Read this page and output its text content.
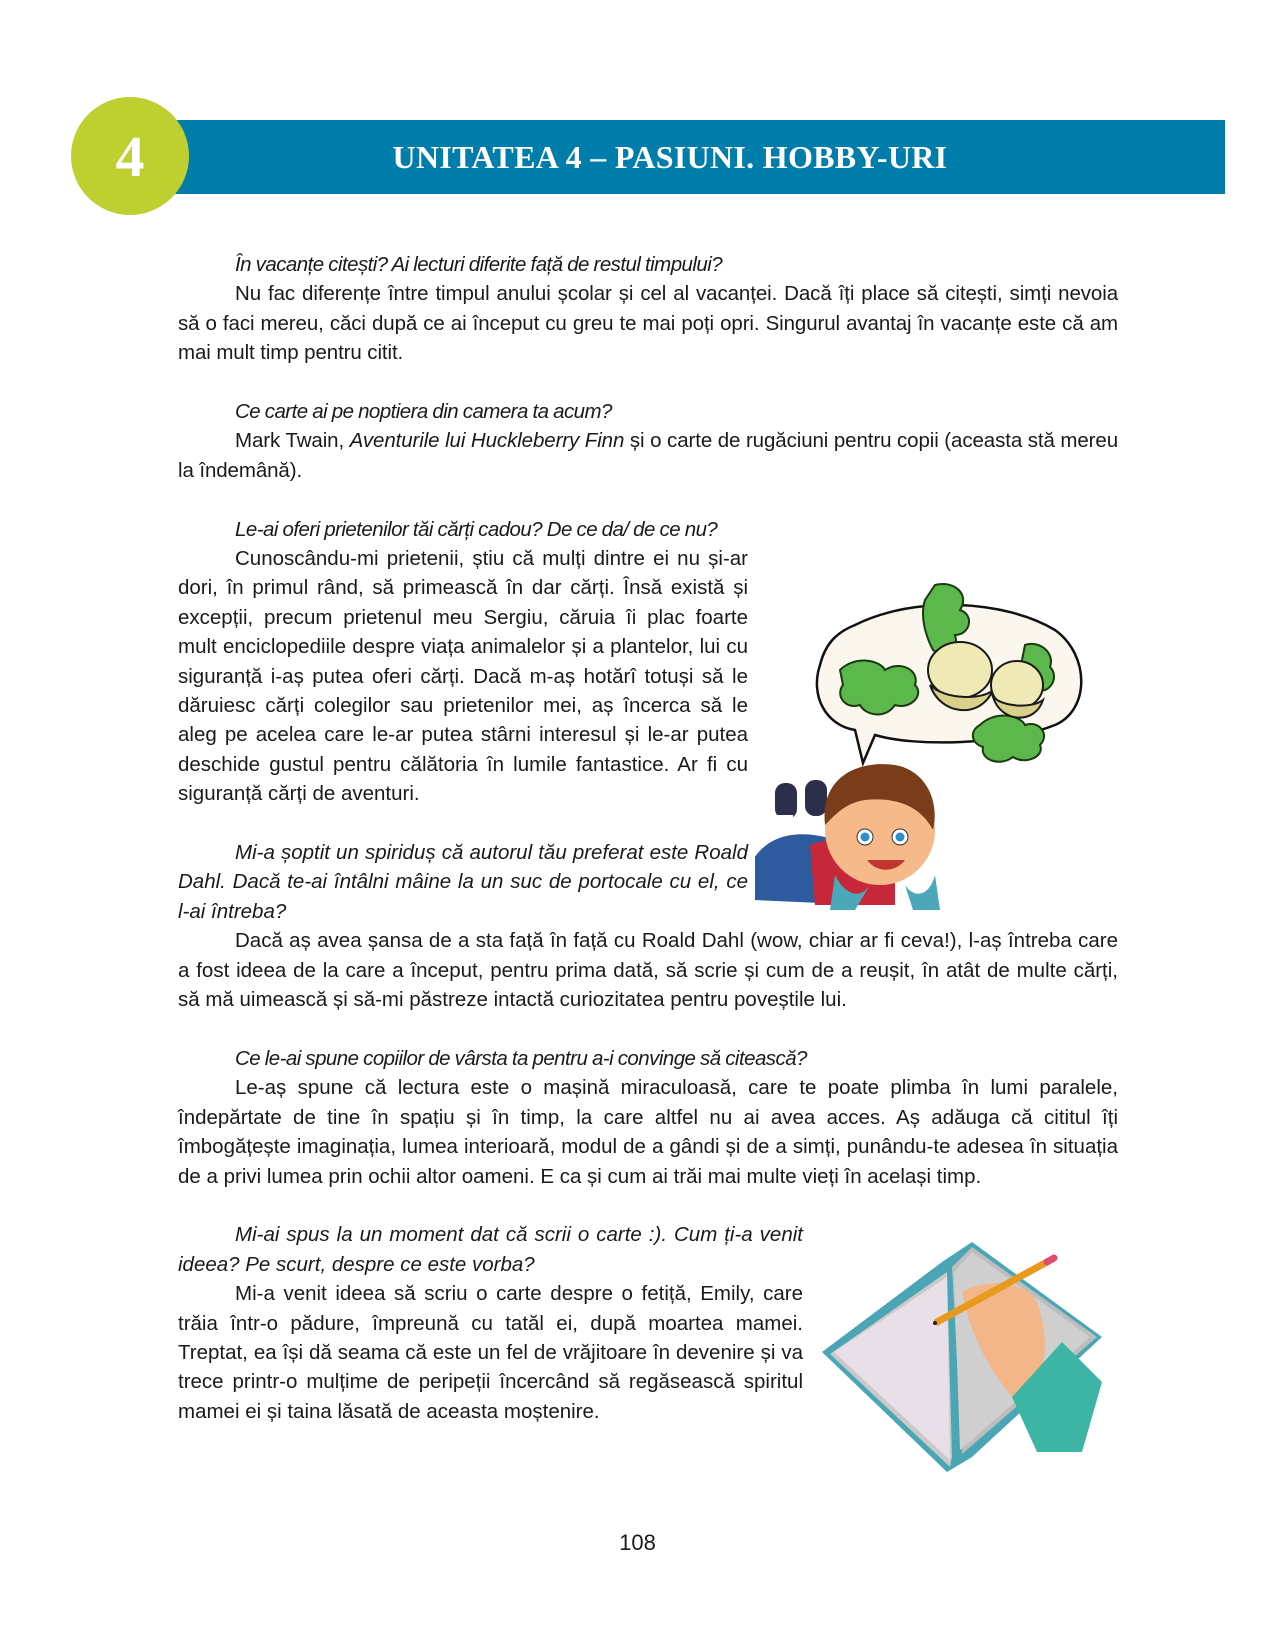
UNITATEA 4 – PASIUNI. HOBBY-URI
4

În vacanțe citești? Ai lecturi diferite față de restul timpului?

Nu fac diferențe între timpul anului școlar și cel al vacanței. Dacă îți place să citești, simți nevoia să o faci mereu, căci după ce ai început cu greu te mai poți opri. Singurul avantaj în vacanțe este că am mai mult timp pentru citit.

Ce carte ai pe noptiera din camera ta acum?

Mark Twain, Aventurile lui Huckleberry Finn și o carte de rugăciuni pentru copii (aceasta stă mereu la îndemână).

Le-ai oferi prietenilor tăi cărți cadou? De ce da/ de ce nu?

Cunoscându-mi prietenii, știu că mulți dintre ei nu și-ar dori, în primul rând, să primească în dar cărți. Însă există și excepții, precum prietenul meu Sergiu, căruia îi plac foarte mult enciclopediile despre viața animalelor și a plantelor, lui cu siguranță i-aș putea oferi cărți. Dacă m-aș hotărî totuși să le dăruiesc cărți colegilor sau prietenilor mei, aș încerca să le aleg pe acelea care le-ar putea stârni interesul și le-ar putea deschide gustul pentru călătoria în lumile fantastice. Ar fi cu siguranță cărți de aventuri.

Mi-a șoptit un spiriduș că autorul tău preferat este Roald Dahl. Dacă te-ai întâlni mâine la un suc de portocale cu el, ce l-ai întreba?

Dacă aș avea șansa de a sta față în față cu Roald Dahl (wow, chiar ar fi ceva!), l-aș întreba care a fost ideea de la care a început, pentru prima dată, să scrie și cum de a reușit, în atât de multe cărți, să mă uimească și să-mi păstreze intactă curiozitatea pentru poveștile lui.

Ce le-ai spune copiilor de vârsta ta pentru a-i convinge să citească?

Le-aș spune că lectura este o mașină miraculoasă, care te poate plimba în lumi paralele, îndepărtate de tine în spațiu și în timp, la care altfel nu ai avea acces. Aș adăuga că cititul îți îmbogățește imaginația, lumea interioară, modul de a gândi și de a simți, punându-te adesea în situația de a privi lumea prin ochii altor oameni. E ca și cum ai trăi mai multe vieți în același timp.

Mi-ai spus la un moment dat că scrii o carte :). Cum ți-a venit ideea? Pe scurt, despre ce este vorba?

Mi-a venit ideea să scriu o carte despre o fetiță, Emily, care trăia într-o pădure, împreună cu tatăl ei, după moartea mamei. Treptat, ea își dă seama că este un fel de vrăjitoare în devenire și va trece printr-o mulțime de peripeții încercând să regăsească spiritul mamei ei și taina lăsată de aceasta moștenire.

108
